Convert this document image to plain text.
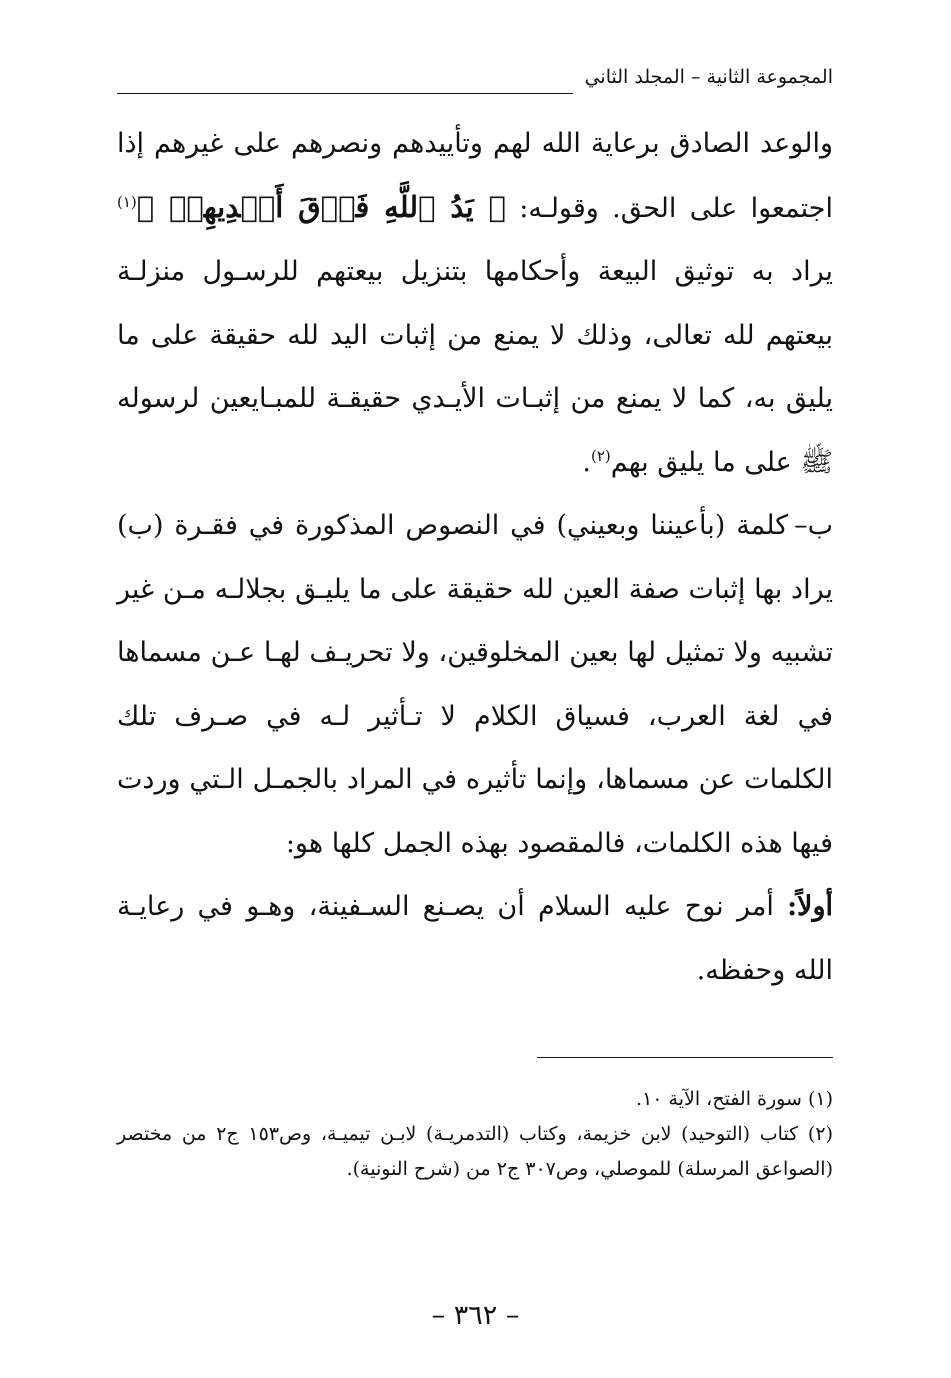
المجموعة الثانية – المجلد الثاني

والوعد الصادق برعاية الله لهم وتأييدهم ونصرهم على غيرهم إذا اجتمعوا على الحق. وقولـه: ﴿ يَدُ ٱللَّهِ فَوۡقَ أَيۡدِيهِمۡ ﴾$^{(١)}$ يراد به توثيق البيعة وأحكامها بتنزيل بيعتهم للرسـول منزلـة بيعتهم لله تعالى، وذلك لا يمنع من إثبات اليد لله حقيقة على ما يليق به، كما لا يمنع من إثبـات الأيـدي حقيقـة للمبـايعين لرسوله ﷺ على ما يليق بهم$^{(٢)}$.

ب–كلمة (بأعيننا وبعيني) في النصوص المذكورة في فقـرة (ب) يراد بها إثبات صفة العين لله حقيقة على ما يليـق بجلالـه مـن غير تشبيه ولا تمثيل لها بعين المخلوقين، ولا تحريـف لهـا عـن مسماها في لغة العرب، فسياق الكلام لا تـأثير لـه في صـرف تلك الكلمات عن مسماها، وإنما تأثيره في المراد بالجمـل الـتي وردت فيها هذه الكلمات، فالمقصود بهذه الجمل كلها هو:

أولاً: أمر نوح عليه السلام أن يصـنع السـفينة، وهـو في رعايـة الله وحفظه.

(١) سورة الفتح، الآية ١٠.

(٢) كتاب (التوحيد) لابن خزيمة، وكتاب (التدمريـة) لابـن تيميـة، وص١٥٣ ج٢ من مختصر (الصواعق المرسلة) للموصلي، وص٣٠٧ ج٢ من (شرح النونية).

– ٣٦٢ –
